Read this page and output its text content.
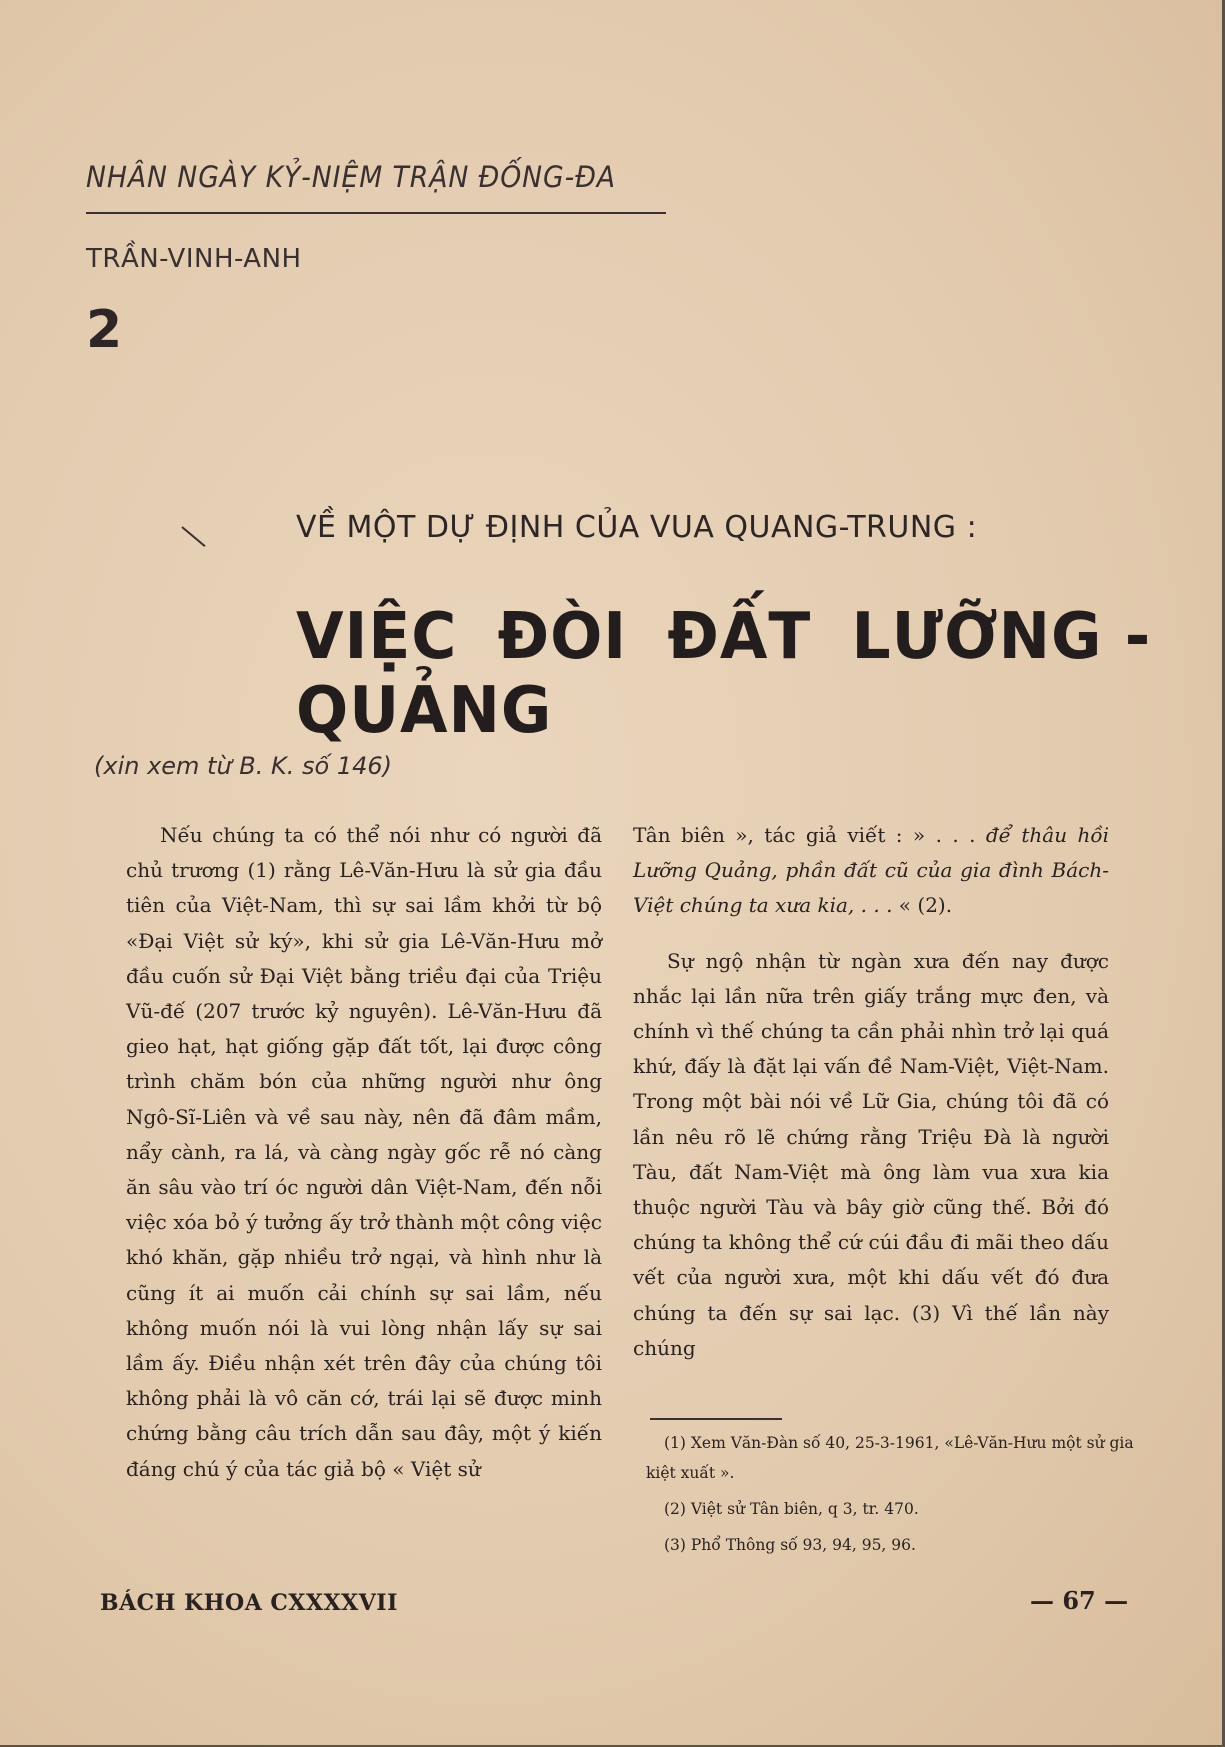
NHÂN NGÀY KỶ-NIỆM TRẬN ĐỐNG-ĐA
TRẦN-VINH-ANH
2
VỀ MỘT DỰ ĐỊNH CỦA VUA QUANG-TRUNG :
VIỆC ĐÒI ĐẤT LƯỠNG - QUẢNG
(xin xem từ B. K. số 146)

Nếu chúng ta có thể nói như có người đã chủ trương (1) rằng Lê-Văn-Hưu là sử gia đầu tiên của Việt-Nam, thì sự sai lầm khởi từ bộ «Đại Việt sử ký», khi sử gia Lê-Văn-Hưu mở đầu cuốn sử Đại Việt bằng triều đại của Triệu Vũ-đế (207 trước kỷ nguyên). Lê-Văn-Hưu đã gieo hạt, hạt giống gặp đất tốt, lại được công trình chăm bón của những người như ông Ngô-Sĩ-Liên và về sau này, nên đã đâm mầm, nẩy cành, ra lá, và càng ngày gốc rễ nó càng ăn sâu vào trí óc người dân Việt-Nam, đến nỗi việc xóa bỏ ý tưởng ấy trở thành một công việc khó khăn, gặp nhiều trở ngại, và hình như là cũng ít ai muốn cải chính sự sai lầm, nếu không muốn nói là vui lòng nhận lấy sự sai lầm ấy. Điều nhận xét trên đây của chúng tôi không phải là vô căn cớ, trái lại sẽ được minh chứng bằng câu trích dẫn sau đây, một ý kiến đáng chú ý của tác giả bộ « Việt sử

Tân biên », tác giả viết : » . . . để thâu hồi Lưỡng Quảng, phần đất cũ của gia đình Bách-Việt chúng ta xưa kia, . . . « (2).

Sự ngộ nhận từ ngàn xưa đến nay được nhắc lại lần nữa trên giấy trắng mực đen, và chính vì thế chúng ta cần phải nhìn trở lại quá khứ, đấy là đặt lại vấn đề Nam-Việt, Việt-Nam. Trong một bài nói về Lữ Gia, chúng tôi đã có lần nêu rõ lẽ chứng rằng Triệu Đà là người Tàu, đất Nam-Việt mà ông làm vua xưa kia thuộc người Tàu và bây giờ cũng thế. Bởi đó chúng ta không thể cứ cúi đầu đi mãi theo dấu vết của người xưa, một khi dấu vết đó đưa chúng ta đến sự sai lạc. (3) Vì thế lần này chúng

(1) Xem Văn-Đàn số 40, 25-3-1961, «Lê-Văn-Hưu một sử gia kiệt xuất ».

(2) Việt sử Tân biên, q 3, tr. 470.

(3) Phổ Thông số 93, 94, 95, 96.

BÁCH KHOA CXXXXVII	— 67 —
